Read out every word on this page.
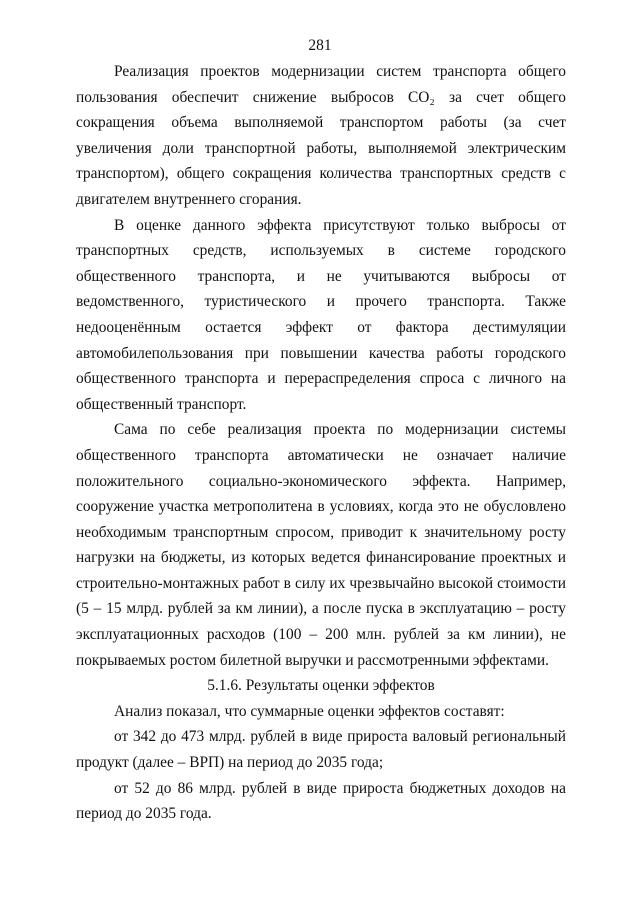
281

Реализация проектов модернизации систем транспорта общего пользования обеспечит снижение выбросов СО₂ за счет общего сокращения объема выполняемой транспортом работы (за счет увеличения доли транспортной работы, выполняемой электрическим транспортом), общего сокращения количества транспортных средств с двигателем внутреннего сгорания.

В оценке данного эффекта присутствуют только выбросы от транспортных средств, используемых в системе городского общественного транспорта, и не учитываются выбросы от ведомственного, туристического и прочего транспорта. Также недооценённым остается эффект от фактора дестимуляции автомобилепользования при повышении качества работы городского общественного транспорта и перераспределения спроса с личного на общественный транспорт.

Сама по себе реализация проекта по модернизации системы общественного транспорта автоматически не означает наличие положительного социально-экономического эффекта. Например, сооружение участка метрополитена в условиях, когда это не обусловлено необходимым транспортным спросом, приводит к значительному росту нагрузки на бюджеты, из которых ведется финансирование проектных и строительно-монтажных работ в силу их чрезвычайно высокой стоимости (5 – 15 млрд. рублей за км линии), а после пуска в эксплуатацию – росту эксплуатационных расходов (100 – 200 млн. рублей за км линии), не покрываемых ростом билетной выручки и рассмотренными эффектами.

5.1.6. Результаты оценки эффектов

Анализ показал, что суммарные оценки эффектов составят:

от 342 до 473 млрд. рублей в виде прироста валовый региональный продукт (далее – ВРП) на период до 2035 года;

от 52 до 86 млрд. рублей в виде прироста бюджетных доходов на период до 2035 года.
